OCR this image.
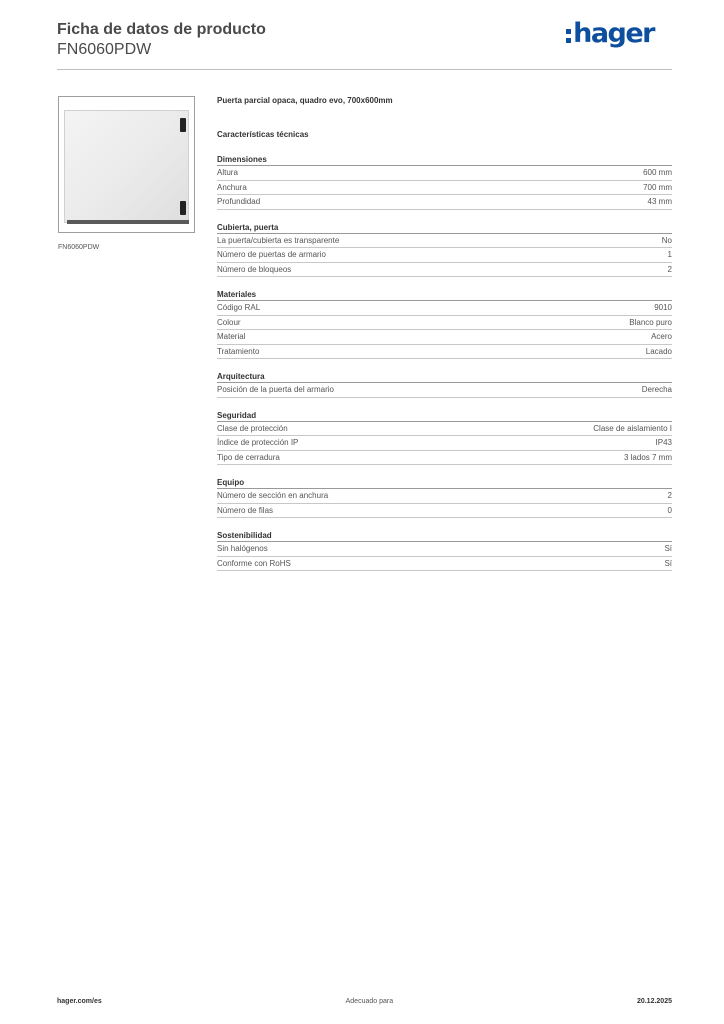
Ficha de datos de producto
FN6060PDW
hager
FN6060PDW
Puerta parcial opaca, quadro evo, 700x600mm
Características técnicas
Dimensiones
Altura	600 mm
Anchura	700 mm
Profundidad	43 mm
Cubierta, puerta
La puerta/cubierta es transparente	No
Número de puertas de armario	1
Número de bloqueos	2
Materiales
Código RAL	9010
Colour	Blanco puro
Material	Acero
Tratamiento	Lacado
Arquitectura
Posición de la puerta del armario	Derecha
Seguridad
Clase de protección	Clase de aislamiento I
Índice de protección IP	IP43
Tipo de cerradura	3 lados 7 mm
Equipo
Número de sección en anchura	2
Número de filas	0
Sostenibilidad
Sin halógenos	Sí
Conforme con RoHS	Sí
hager.com/es	Adecuado para	20.12.2025
